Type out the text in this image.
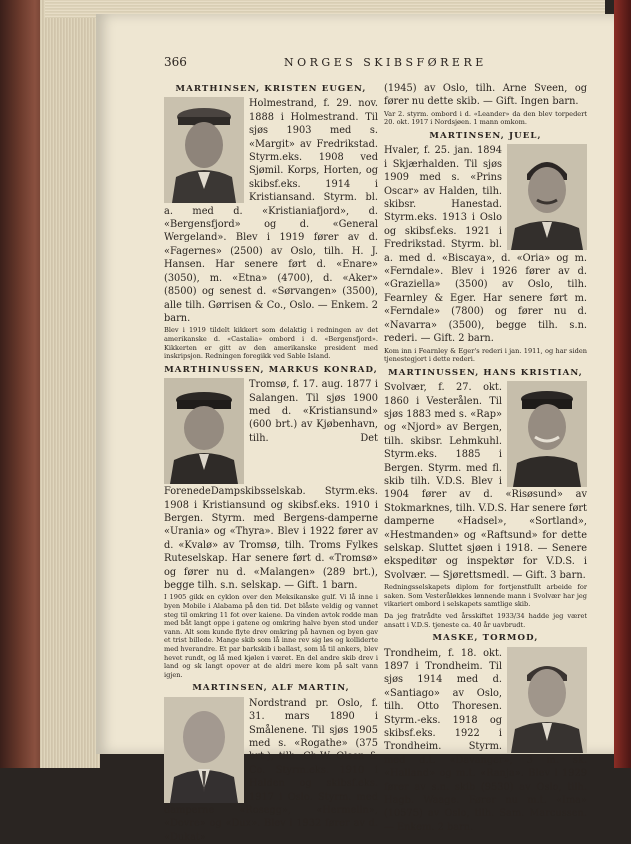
366	NORGES SKIBSFØRERE
MARTHINSEN, KRISTEN EUGEN,

Holmestrand, f. 29. nov. 1888 i Holmestrand. Til sjøs 1903 med s. «Margit» av Fredrikstad. Styrm.eks. 1908 ved Sjømil. Korps, Horten, og skibsf.eks. 1914 i Kristiansand. Styrm. bl. a. med d. «Kristianiafjord», d. «Bergensfjord» og d. «General Wergeland». Blev i 1919 fører av d. «Fagernes» (2500) av Oslo, tilh. H. J. Hansen. Har senere ført d. «Enare» (3050), m. «Etna» (4700), d. «Aker» (8500) og senest d. «Sørvangen» (3500), alle tilh. Gørrisen & Co., Oslo. — Enkem. 2 barn.

Blev i 1919 tildelt kikkert som delaktig i redningen av det amerikanske d. «Castalia» ombord i d. «Bergensfjord». Kikkerten er gitt av den amerikanske president med inskripsjon. Redningen foregikk ved Sable Island.

MARTHINUSSEN, MARKUS KONRAD,

Tromsø, f. 17. aug. 1877 i Salangen. Til sjøs 1900 med d. «Kristiansund» (600 brt.) av Kjøbenhavn, tilh. Det ForenedeDampskibsselskab. Styrm.eks. 1908 i Kristiansund og skibsf.eks. 1910 i Bergen. Styrm. med Bergens-damperne «Urania» og «Thyra». Blev i 1922 fører av d. «Kvalø» av Tromsø, tilh. Troms Fylkes Ruteselskap. Har senere ført d. «Tromsø» og fører nu d. «Malangen» (289 brt.), begge tilh. s.n. selskap. — Gift. 1 barn.

I 1905 gikk en cyklon over den Meksikanske gulf. Vi lå inne i byen Mobile i Alabama på den tid. Det blåste veldig og vannet steg til omkring 11 fot over kaiene. Da vinden avtok rodde man med båt langt oppe i gatene og omkring halve byen stod under vann. Alt som kunde flyte drev omkring på havnen og byen gav et trist billede. Mange skib som lå inne rev sig løs og kolliderte med hverandre. Et par barkskib i ballast, som lå til ankers, blev hevet rundt, og lå med kjølen i været. En del andre skib drev i land og sk langt opover at de aldri mere kom på salt vann igjen.

MARTINSEN, ALF MARTIN,

Nordstrand pr. Oslo, f. 31. mars 1890 i Smålenene. Til sjøs 1905 med s. «Rogathe» (375 brt.), tilh. Ch.W. Olsen & Co. Styrm.eks. 1910 i Halden og skibsf.eks. 1917 i Oslo. Styrm. med damperne «Rosegg», «Hermelin», «Dovre» og «Dux». Blev i 1932 fører av d. «Dukat»

(1945) av Oslo, tilh. Arne Sveen, og fører nu dette skib. — Gift. Ingen barn.

Var 2. styrm. ombord i d. «Leander» da den blev torpedert 20. okt. 1917 i Nordsjøen. 1 mann omkom.

MARTINSEN, JUEL,

Hvaler, f. 25. jan. 1894 i Skjærhalden. Til sjøs 1909 med s. «Prins Oscar» av Halden, tilh. skibsr. Hanestad. Styrm.eks. 1913 i Oslo og skibsf.eks. 1921 i Fredrikstad. Styrm. bl. a. med d. «Biscaya», d. «Oria» og m. «Ferndale». Blev i 1926 fører av d. «Graziella» (3500) av Oslo, tilh. Fearnley & Eger. Har senere ført m. «Ferndale» (7800) og fører nu d. «Navarra» (3500), begge tilh. s.n. rederi. — Gift. 2 barn.

Kom inn i Fearnley & Eger's rederi i jan. 1911, og har siden tjenestegjort i dette rederi.

MARTINUSSEN, HANS KRISTIAN,

Svolvær, f. 27. okt. 1860 i Vesterålen. Til sjøs 1883 med s. «Rap» og «Njord» av Bergen, tilh. skibsr. Lehmkuhl. Styrm.eks. 1885 i Bergen. Styrm. med fl. skib tilh. V.D.S. Blev i 1904 fører av d. «Risøsund» av Stokmarknes, tilh. V.D.S. Har senere ført damperne «Hadsel», «Sortland», «Hestmanden» og «Raftsund» for dette selskap. Sluttet sjøen i 1918. — Senere ekspeditør og inspektør for V.D.S. i Svolvær. — Sjørettsmedl. — Gift. 3 barn.

Redningsselskapets diplom for fortjenstfullt arbeide for saken. Som Vesteråløkkes lønnende mann i Svolvær har jeg vikariert ombord i selskapets samtlige skib.

Da jeg fratrådte ved årsskiftet 1933/34 hadde jeg været ansatt i V.D.S. tjeneste ca. 40 år uavbrudt.

MASKE, TORMOD,

Trondheim, f. 18. okt. 1897 i Trondheim. Til sjøs 1914 med d. «Santiago» av Oslo, tilh. Otto Thoresen. Styrm.-eks. 1918 og skibsf.eks. 1922 i Trondheim. Styrm. med d.t. «Davanger», 3 m. sk. «Halland» og m.t. «Ranja». Blev i 1929 fører av s.n. skib (9530) av Oslo, tilh. Hagb. Waage. Fører nu m.t. «Ima» (10575) av Oslo, tilh. Sam. Marcussen. — Enkem. 2 barn.
